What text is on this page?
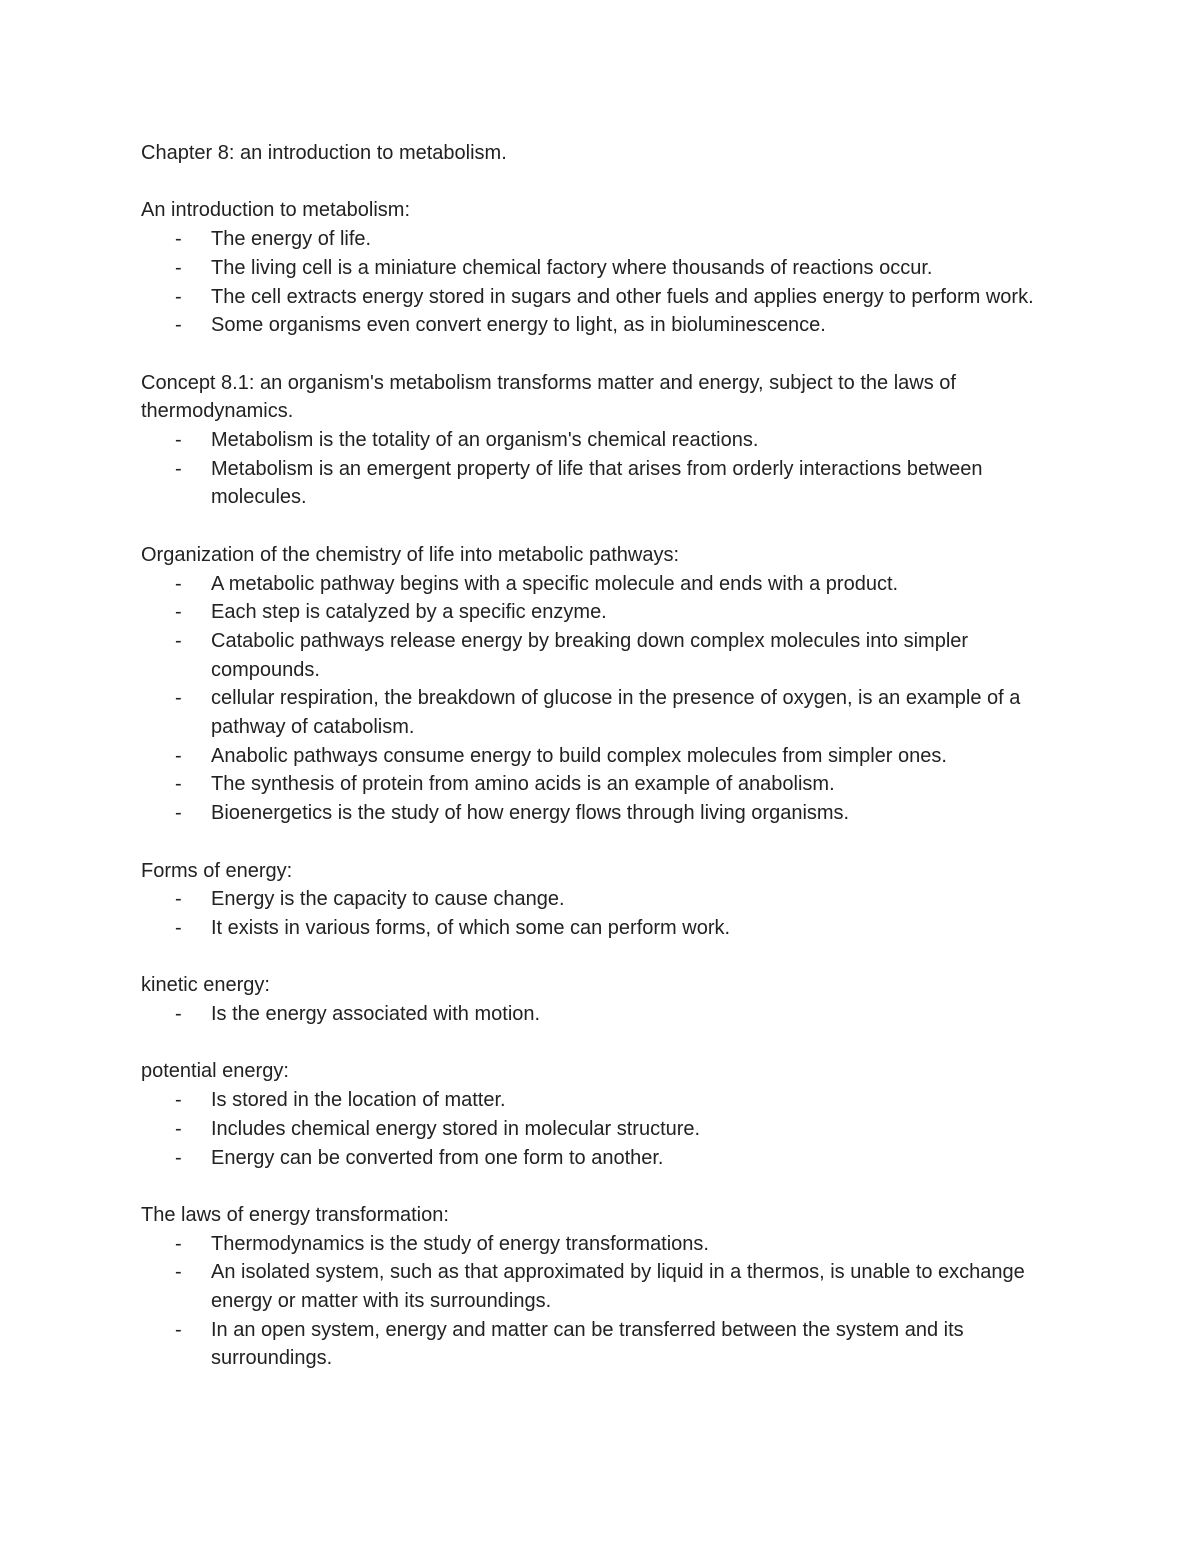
Chapter 8: an introduction to metabolism.
An introduction to metabolism:
- The energy of life.
- The living cell is a miniature chemical factory where thousands of reactions occur.
- The cell extracts energy stored in sugars and other fuels and applies energy to perform work.
- Some organisms even convert energy to light, as in bioluminescence.
Concept 8.1: an organism's metabolism transforms matter and energy, subject to the laws of thermodynamics.
- Metabolism is the totality of an organism's chemical reactions.
- Metabolism is an emergent property of life that arises from orderly interactions between molecules.
Organization of the chemistry of life into metabolic pathways:
- A metabolic pathway begins with a specific molecule and ends with a product.
- Each step is catalyzed by a specific enzyme.
- Catabolic pathways release energy by breaking down complex molecules into simpler compounds.
- cellular respiration, the breakdown of glucose in the presence of oxygen, is an example of a pathway of catabolism.
- Anabolic pathways consume energy to build complex molecules from simpler ones.
- The synthesis of protein from amino acids is an example of anabolism.
- Bioenergetics is the study of how energy flows through living organisms.
Forms of energy:
- Energy is the capacity to cause change.
- It exists in various forms, of which some can perform work.
kinetic energy:
- Is the energy associated with motion.
potential energy:
- Is stored in the location of matter.
- Includes chemical energy stored in molecular structure.
- Energy can be converted from one form to another.
The laws of energy transformation:
- Thermodynamics is the study of energy transformations.
- An isolated system, such as that approximated by liquid in a thermos, is unable to exchange energy or matter with its surroundings.
- In an open system, energy and matter can be transferred between the system and its surroundings.
